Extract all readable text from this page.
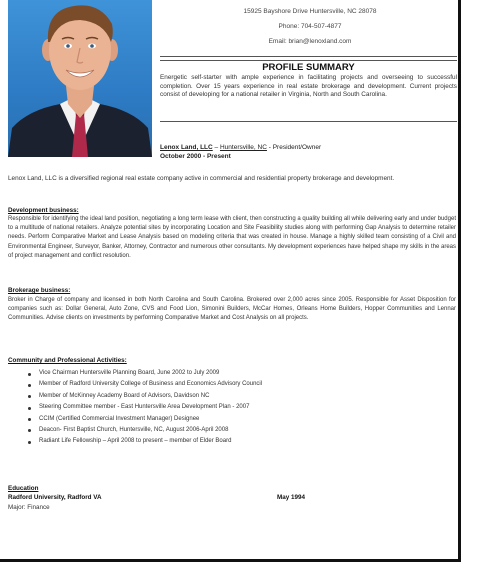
15925 Bayshore Drive Huntersville, NC 28078
Phone: 704-507-4877
Email: brian@lenoxland.com
PROFILE SUMMARY
Energetic self-starter with ample experience in facilitating projects and overseeing to successful completion. Over 15 years experience in real estate brokerage and development. Current projects consist of developing for a national retailer in Virginia, North and South Carolina.
Lenox Land, LLC – Huntersville, NC - President/Owner
October 2000 - Present
Lenox Land, LLC is a diversified regional real estate company active in commercial and residential property brokerage and development.
Development business:
Responsible for identifying the ideal land position, negotiating a long term lease with client, then constructing a quality building all while delivering early and under budget to a multitude of national retailers. Analyze potential sites by incorporating Location and Site Feasibility studies along with performing Gap Analysis to determine retailer needs. Perform Comparative Market and Lease Analysis based on modeling criteria that was created in house. Manage a highly skilled team consisting of a Civil and Environmental Engineer, Surveyor, Banker, Attorney, Contractor and numerous other consultants. My development experiences have helped shape my skills in the areas of project management and conflict resolution.
Brokerage business:
Broker in Charge of company and licensed in both North Carolina and South Carolina. Brokered over 2,000 acres since 2005. Responsible for Asset Disposition for companies such as: Dollar General, Auto Zone, CVS and Food Lion, Simonini Builders, McCar Homes, Orleans Home Builders, Hopper Communities and Lennar Communities. Advise clients on investments by performing Comparative Market and Cost Analysis on all projects.
Community and Professional Activities:
Vice Chairman Huntersville Planning Board, June 2002 to July 2009
Member of Radford University College of Business and Economics Advisory Council
Member of McKinney Academy Board of Advisors, Davidson NC
Steering Committee member - East Huntersville Area Development Plan - 2007
CCIM (Certified Commercial Investment Manager) Designee
Deacon- First Baptist Church, Huntersville, NC, August 2006-April 2008
Radiant Life Fellowship – April 2008 to present – member of Elder Board
Education
Radford University, Radford VA	May 1994
Major: Finance
